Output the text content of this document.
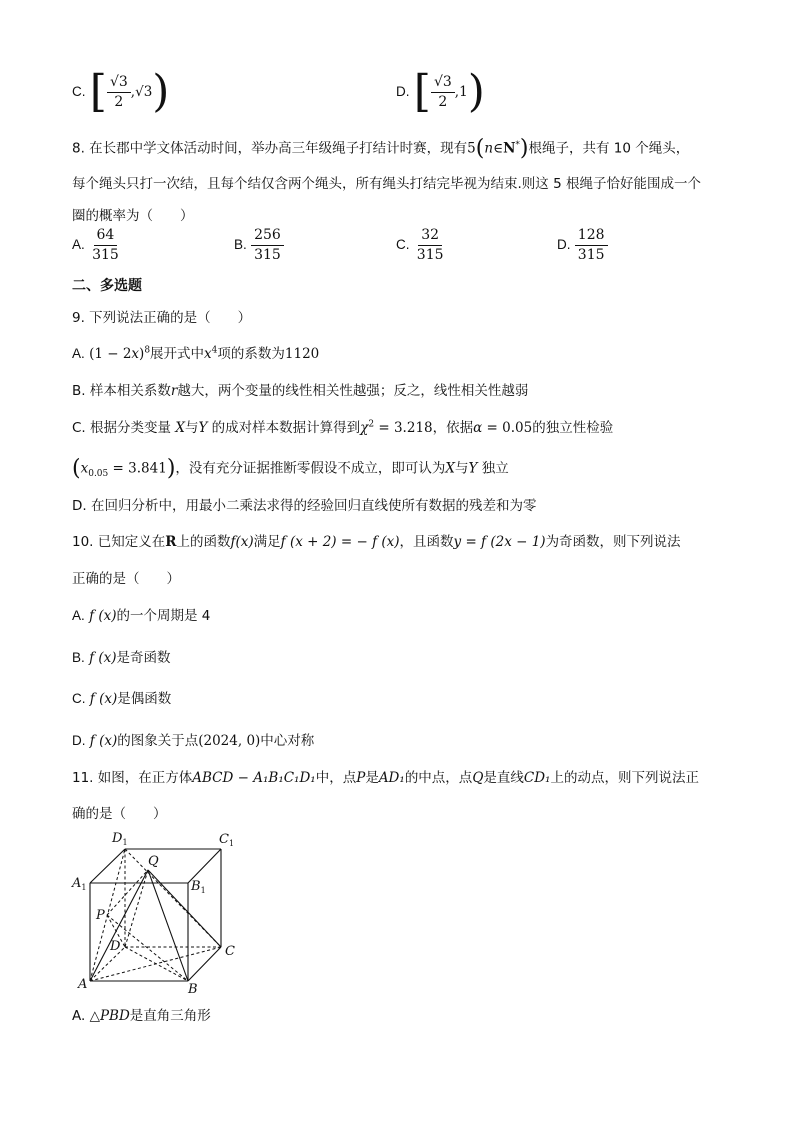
C. [ $\frac{√3}{2} ,√3$)	D. [ $\frac{√3}{2} ,1$)
8. 在长郡中学文体活动时间，举办高三年级绳子打结计时赛，现有5(n∈N*)根绳子，共有 10 个绳头，
每个绳头只打一次结，且每个结仅含两个绳头，所有绳头打结完毕视为结束.则这 5 根绳子恰好能围成一个
圈的概率为（　　）
A. $\frac{64}{315}$	B. $\frac{256}{315}$	C. $\frac{32}{315}$	D. $\frac{128}{315}$
二、多选题
9. 下列说法正确的是（　　）
A. $(1 - 2x)^8$展开式中$x^4$项的系数为1120
B. 样本相关系数r越大，两个变量的线性相关性越强；反之，线性相关性越弱
C. 根据分类变量 X与Y 的成对样本数据计算得到$\chi^2 = 3.218$，依据α = 0.05的独立性检验
$(x_{0.05} = 3.841)$，没有充分证据推断零假设不成立，即可认为X与Y 独立
D. 在回归分析中，用最小二乘法求得的经验回归直线使所有数据的残差和为零
10. 已知定义在R上的函数f(x)满足f (x + 2) = − f (x)，且函数y = f (2x − 1)为奇函数，则下列说法
正确的是（　　）
A. f (x)的一个周期是 4
B. f (x)是奇函数
C. f (x)是偶函数
D. f (x)的图象关于点(2024, 0)中心对称
11. 如图，在正方体ABCD − A₁B₁C₁D₁中，点P是AD₁的中点，点Q是直线CD₁上的动点，则下列说法正
确的是（　　）
$D_1$	$C_1$
$A_1$	$B_1$
Q
P
D	C
A	B
A. △PBD是直角三角形
